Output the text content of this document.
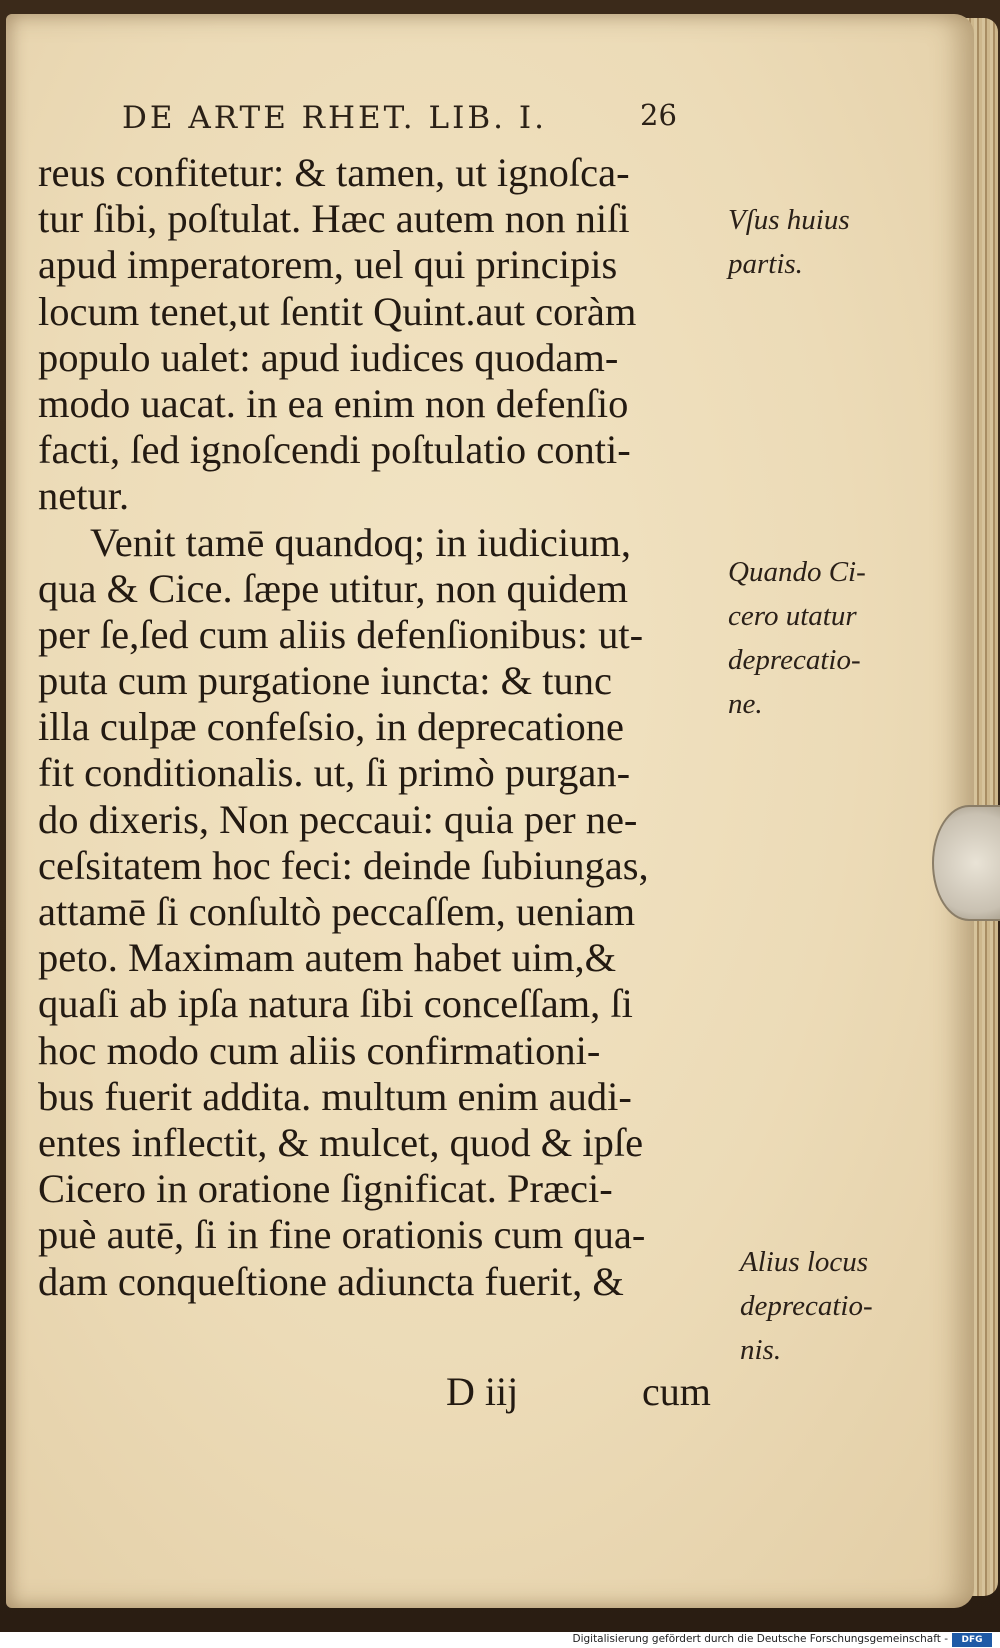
DE ARTE RHET. LIB. I.	26
reus confitetur: & tamen, ut ignoſca-
tur ſibi, poſtulat. Hæc autem non niſi
apud imperatorem, uel qui principis
locum tenet,ut ſentit Quint.aut coràm
populo ualet: apud iudices quodam-
modo uacat. in ea enim non defenſio
facti, ſed ignoſcendi poſtulatio conti-
netur.
Venit tamē quandoq; in iudicium,
qua & Cice. ſæpe utitur, non quidem
per ſe,ſed cum aliis defenſionibus: ut-
puta cum purgatione iuncta: & tunc
illa culpæ confeſsio, in deprecatione
fit conditionalis. ut, ſi primò purgan-
do dixeris, Non peccaui: quia per ne-
ceſsitatem hoc feci: deinde ſubiungas,
attamē ſi conſultò peccaſſem, ueniam
peto. Maximam autem habet uim,&
quaſi ab ipſa natura ſibi conceſſam, ſi
hoc modo cum aliis confirmationi-
bus fuerit addita. multum enim audi-
entes inflectit, & mulcet, quod & ipſe
Cicero in oratione ſignificat. Præci-
puè autē, ſi in fine orationis cum qua-
dam conqueſtione adiuncta fuerit, &
Vſus huius
partis.
Quando Ci-
cero utatur
deprecatio-
ne.
Alius locus
deprecatio-
nis.
D iij	cum
Digitalisierung gefördert durch die Deutsche Forschungsgemeinschaft -	DFG
